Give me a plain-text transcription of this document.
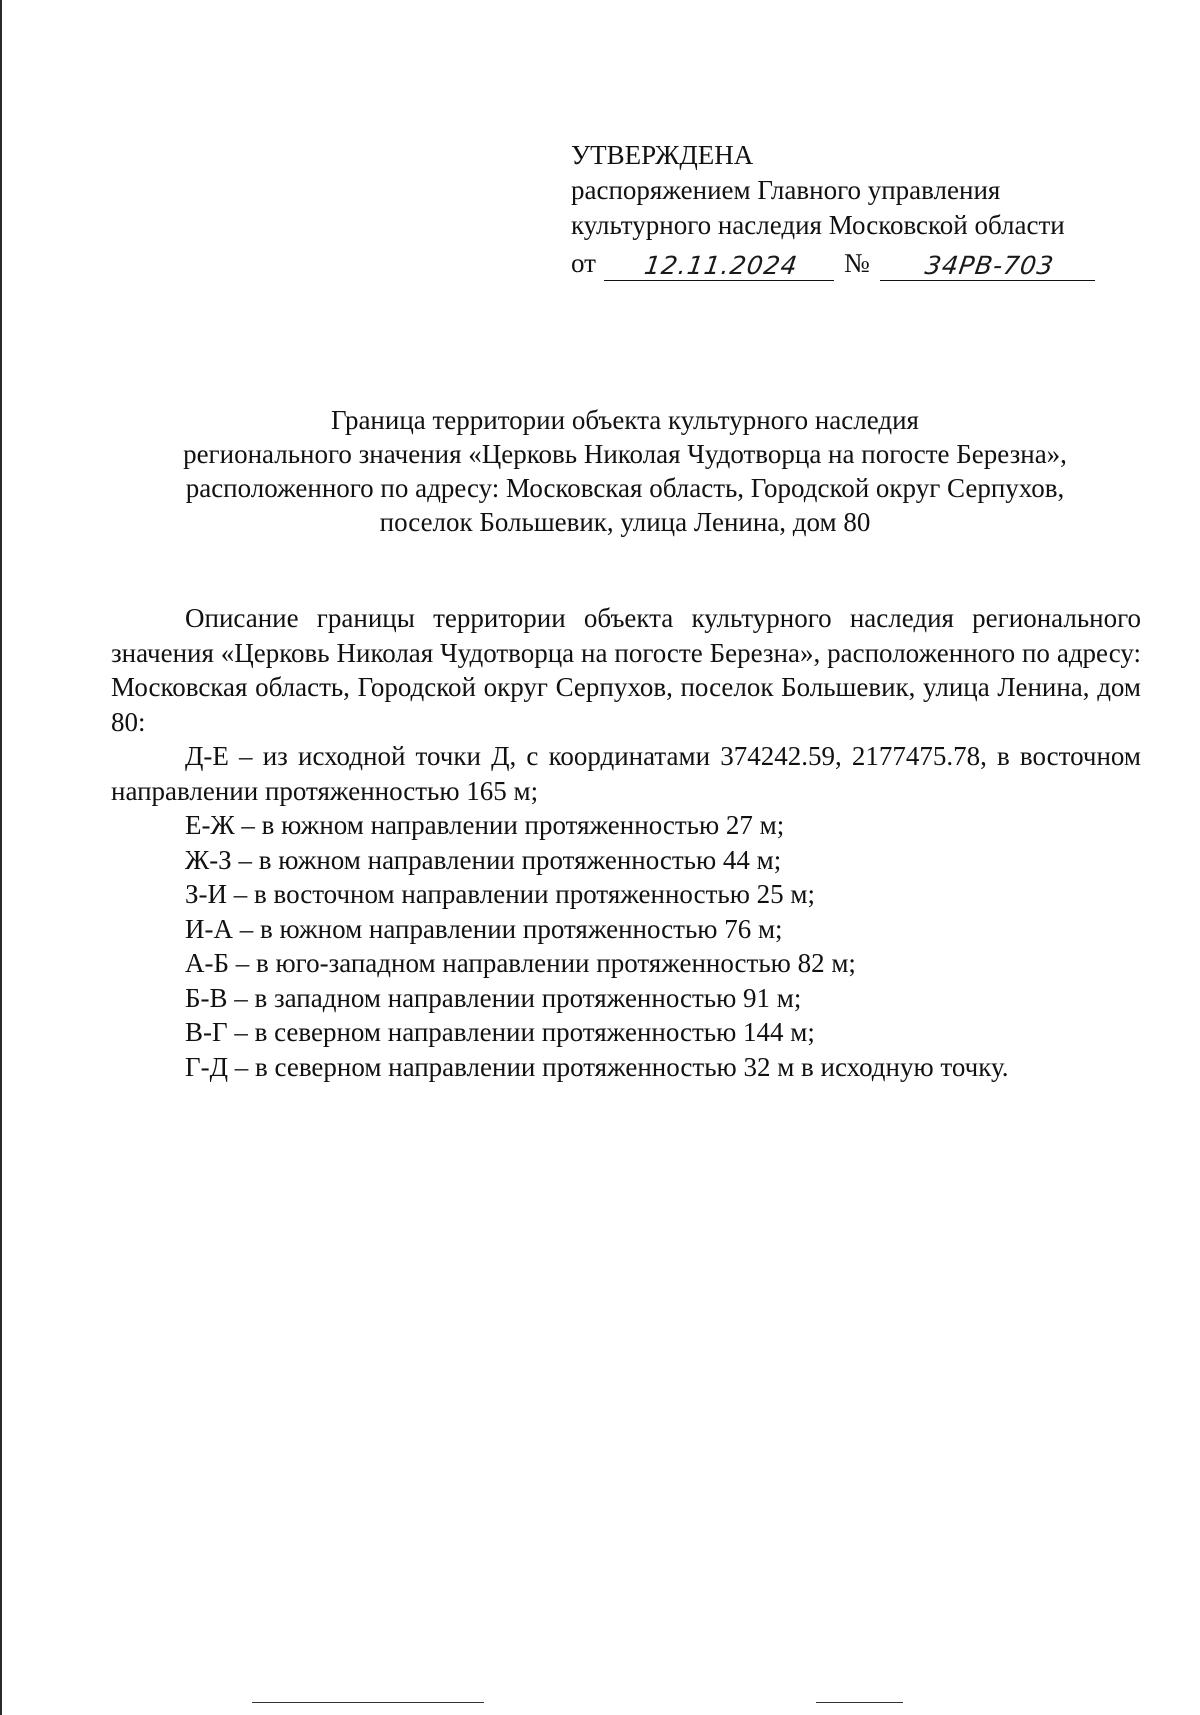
УТВЕРЖДЕНА
распоряжением Главного управления
культурного наследия Московской области
от	12.11.2024	№	34РВ-703
Граница территории объекта культурного наследия
регионального значения «Церковь Николая Чудотворца на погосте Березна»,
расположенного по адресу: Московская область, Городской округ Серпухов,
поселок Большевик, улица Ленина, дом 80

Описание границы территории объекта культурного наследия регионального значения «Церковь Николая Чудотворца на погосте Березна», расположенного по адресу: Московская область, Городской округ Серпухов, поселок Большевик, улица Ленина, дом 80:

Д-Е – из исходной точки Д, с координатами 374242.59, 2177475.78, в восточном направлении протяженностью 165 м;

Е-Ж – в южном направлении протяженностью 27 м;

Ж-З – в южном направлении протяженностью 44 м;

З-И – в восточном направлении протяженностью 25 м;

И-А – в южном направлении протяженностью 76 м;

А-Б – в юго-западном направлении протяженностью 82 м;

Б-В – в западном направлении протяженностью 91 м;

В-Г – в северном направлении протяженностью 144 м;

Г-Д – в северном направлении протяженностью 32 м в исходную точку.
